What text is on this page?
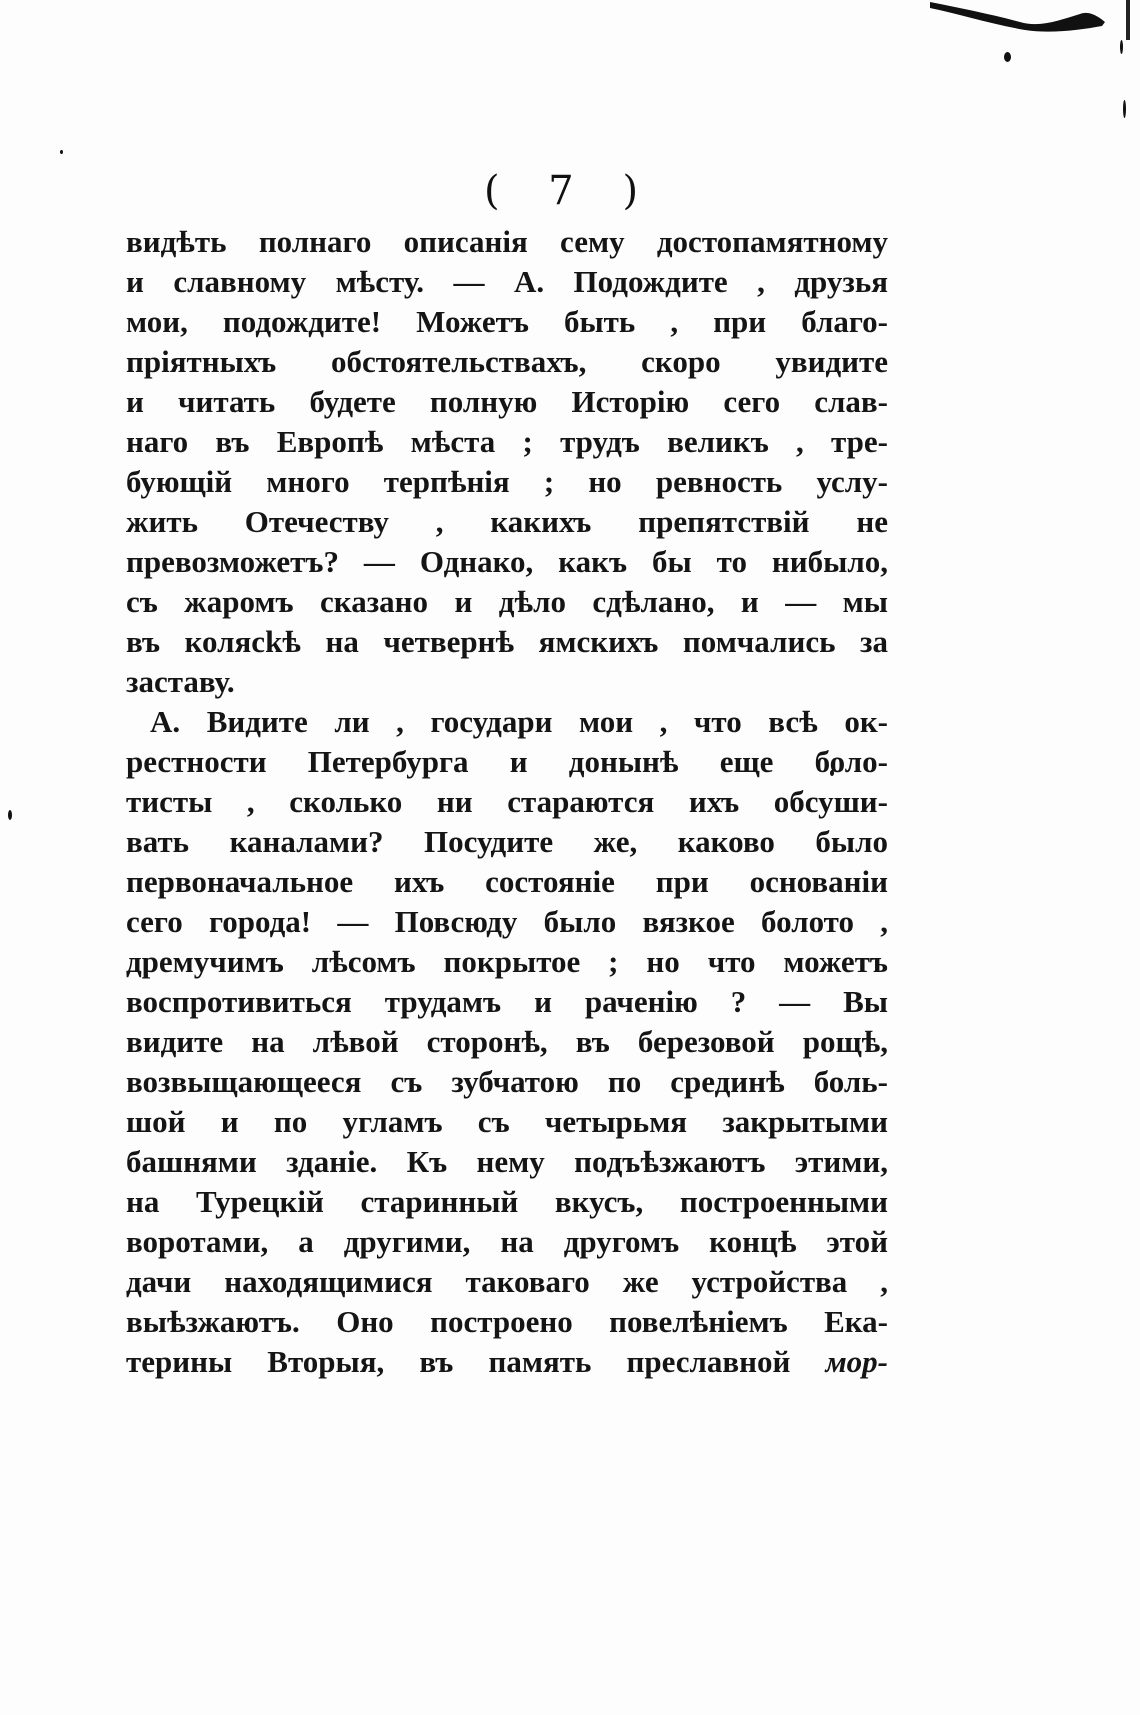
( 7 )
видѣть полнаго описанія сему достопамятному
и славному мѣсту. — А. Подождите , друзья
мои, подождите! Можетъ быть , при благо-
пріятныхъ обстоятельствахъ, скоро увидите
и читать будете полную Исторію сего слав-
наго въ Европѣ мѣста ; трудъ великъ , тре-
бующій много терпѣнія ; но ревность услу-
жить Отечеству , какихъ препятствій не
превозможетъ? — Однако, какъ бы то нибыло,
съ жаромъ сказано и дѣло сдѣлано, и — мы
въ колясkѣ на четвернѣ ямскихъ помчались за
заставу.
А. Видите ли , государи мои , что всѣ ок-
рестности Петербурга и донынѣ еще боло-
тисты , сколько ни стараются ихъ обсуши-
вать каналами? Посудите же, каково было
первоначальное ихъ состояніе при основаніи
сего города! — Повсюду было вязкое болото ,
дремучимъ лѣсомъ покрытое ; но что можетъ
воспротивиться трудамъ и раченію ? — Вы
видите на лѣвой сторонѣ, въ березовой рощѣ,
возвыщающееся съ зубчатою по срединѣ боль-
шой и по угламъ съ четырьмя закрытыми
башнями зданіе. Къ нему подъѣзжаютъ этими,
на Турецкій старинный вкусъ, построенными
воротами, а другими, на другомъ концѣ этой
дачи находящимися таковаго же устройства ,
выѣзжаютъ. Оно построено повелѣніемъ Ека-
терины Вторыя, въ память преславной мор-
